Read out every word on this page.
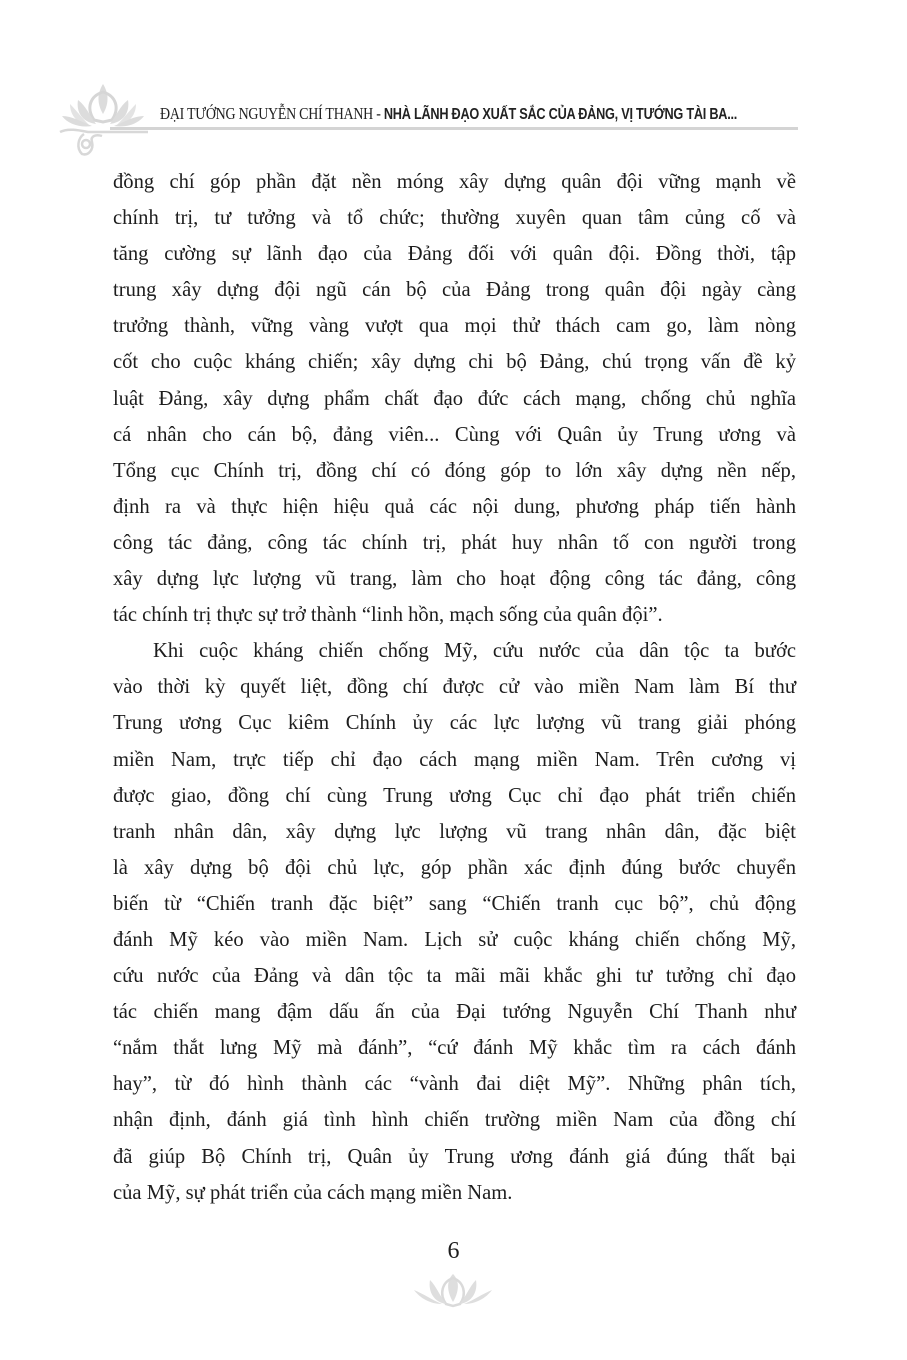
ĐẠI TƯỚNG NGUYỄN CHÍ THANH - NHÀ LÃNH ĐẠO XUẤT SẮC CỦA ĐẢNG, VỊ TƯỚNG TÀI BA...
đồng chí góp phần đặt nền móng xây dựng quân đội vững mạnh về
chính trị, tư tưởng và tổ chức; thường xuyên quan tâm củng cố và
tăng cường sự lãnh đạo của Đảng đối với quân đội. Đồng thời, tập
trung xây dựng đội ngũ cán bộ của Đảng trong quân đội ngày càng
trưởng thành, vững vàng vượt qua mọi thử thách cam go, làm nòng
cốt cho cuộc kháng chiến; xây dựng chi bộ Đảng, chú trọng vấn đề kỷ
luật Đảng, xây dựng phẩm chất đạo đức cách mạng, chống chủ nghĩa
cá nhân cho cán bộ, đảng viên... Cùng với Quân ủy Trung ương và
Tổng cục Chính trị, đồng chí có đóng góp to lớn xây dựng nền nếp,
định ra và thực hiện hiệu quả các nội dung, phương pháp tiến hành
công tác đảng, công tác chính trị, phát huy nhân tố con người trong
xây dựng lực lượng vũ trang, làm cho hoạt động công tác đảng, công
tác chính trị thực sự trở thành “linh hồn, mạch sống của quân đội”.
Khi cuộc kháng chiến chống Mỹ, cứu nước của dân tộc ta bước
vào thời kỳ quyết liệt, đồng chí được cử vào miền Nam làm Bí thư
Trung ương Cục kiêm Chính ủy các lực lượng vũ trang giải phóng
miền Nam, trực tiếp chỉ đạo cách mạng miền Nam. Trên cương vị
được giao, đồng chí cùng Trung ương Cục chỉ đạo phát triển chiến
tranh nhân dân, xây dựng lực lượng vũ trang nhân dân, đặc biệt
là xây dựng bộ đội chủ lực, góp phần xác định đúng bước chuyển
biến từ “Chiến tranh đặc biệt” sang “Chiến tranh cục bộ”, chủ động
đánh Mỹ kéo vào miền Nam. Lịch sử cuộc kháng chiến chống Mỹ,
cứu nước của Đảng và dân tộc ta mãi mãi khắc ghi tư tưởng chỉ đạo
tác chiến mang đậm dấu ấn của Đại tướng Nguyễn Chí Thanh như
“nắm thắt lưng Mỹ mà đánh”, “cứ đánh Mỹ khắc tìm ra cách đánh
hay”, từ đó hình thành các “vành đai diệt Mỹ”. Những phân tích,
nhận định, đánh giá tình hình chiến trường miền Nam của đồng chí
đã giúp Bộ Chính trị, Quân ủy Trung ương đánh giá đúng thất bại
của Mỹ, sự phát triển của cách mạng miền Nam.
6
